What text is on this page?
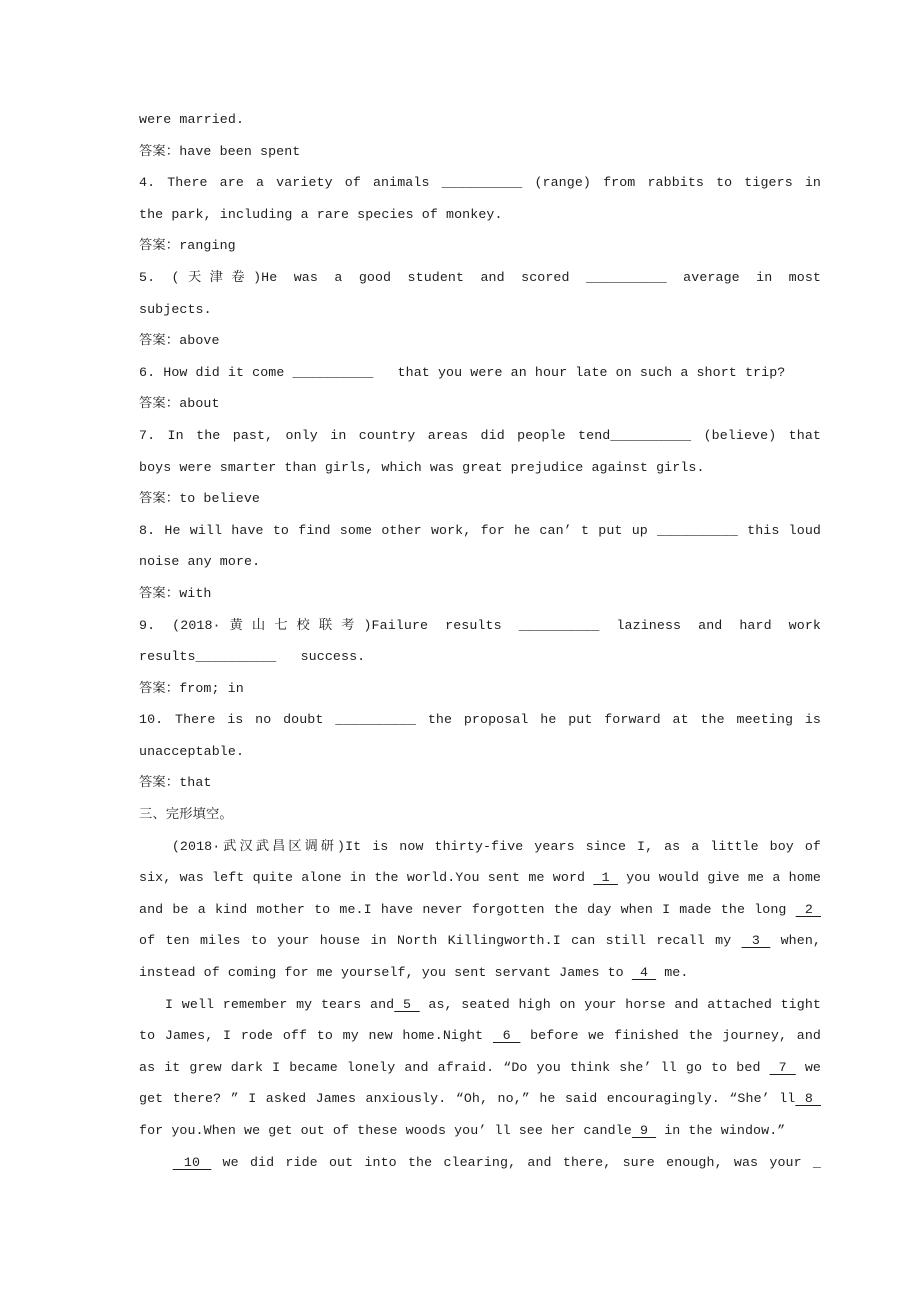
were married.
答案：have been spent
4. There are a variety of animals __________ (range) from rabbits to tigers in
the park, including a rare species of monkey.
答案：ranging
5. (天津卷)He was a good student and scored __________ average in most
subjects.
答案：above
6. How did it come __________   that you were an hour late on such a short trip?
答案：about
7. In the past, only in country areas did people tend__________ (believe) that
boys were smarter than girls, which was great prejudice against girls.
答案：to believe
8. He will have to find some other work, for he can’ t put up __________ this loud
noise any more.
答案：with
9. (2018·黄山七校联考)Failure results __________ laziness and hard work
results__________   success.
答案：from; in
10. There is no doubt __________ the proposal he put forward at the meeting is
unacceptable.
答案：that
三、完形填空。
(2018·武汉武昌区调研)It is now thirty-five years since I, as a little boy of
six, was left quite alone in the world.You sent me word  1  you would give me a home
and be a kind mother to me.I have never forgotten the day when I made the long  2
of ten miles to your house in North Killingworth.I can still recall my  3  when,
instead of coming for me yourself, you sent servant James to  4  me.
I well remember my tears and 5  as, seated high on your horse and attached tight
to James, I rode off to my new home.Night  6  before we finished the journey, and
as it grew dark I became lonely and afraid. “Do you think she’ ll go to bed  7  we
get there? ” I asked James anxiously. “Oh, no,” he said encouragingly. “She’ ll 8
for you.When we get out of these woods you’ ll see her candle 9  in the window.”
10  we did ride out into the clearing, and there, sure enough, was your _
